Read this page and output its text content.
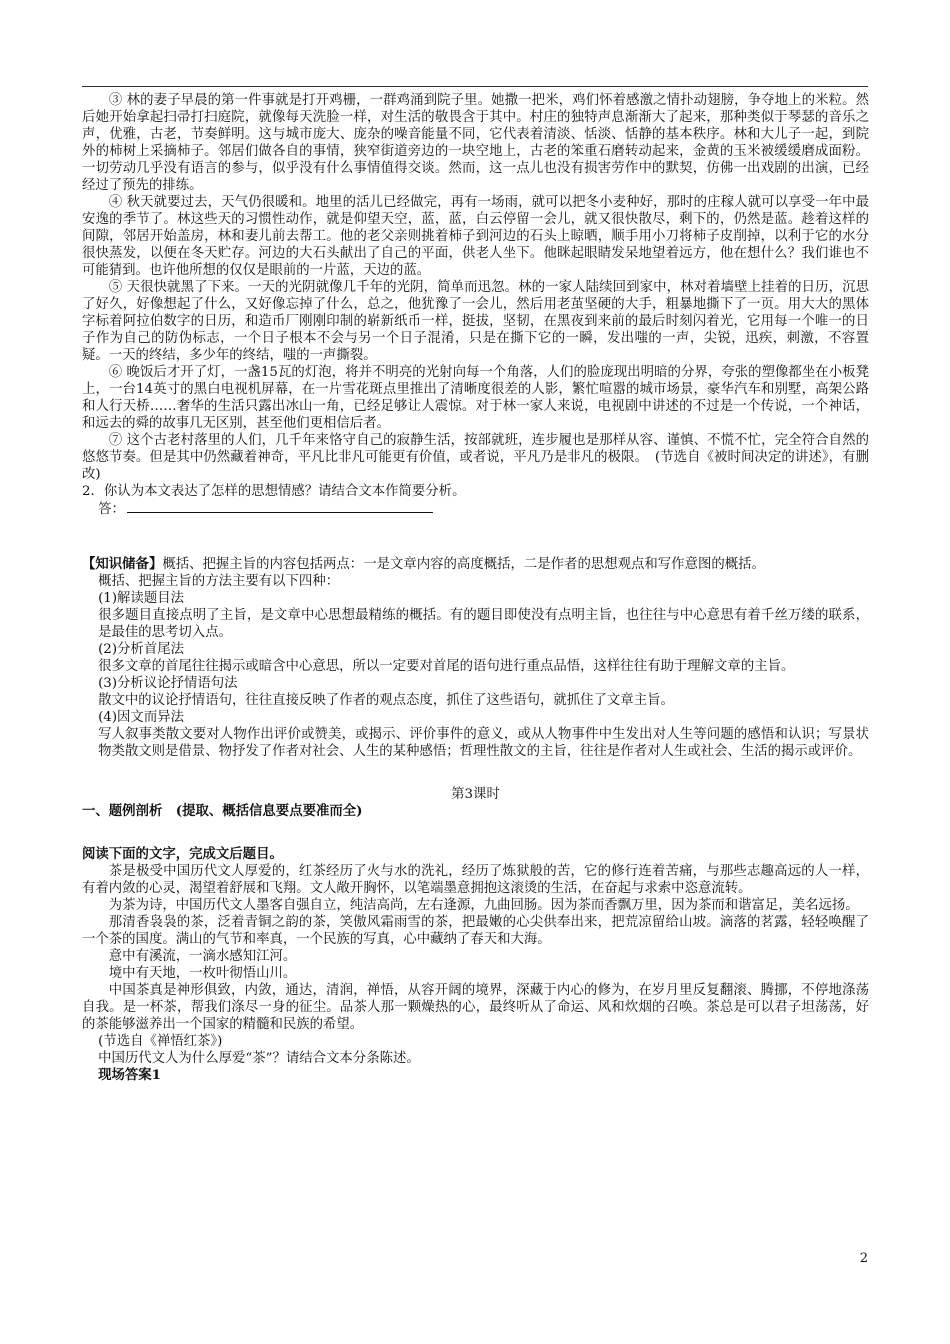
③ 林的妻子早晨的第一件事就是打开鸡栅，一群鸡涌到院子里。她撒一把米，鸡们怀着感激之情扑动翅膀，争夺地上的米粒。然后她开始拿起扫帚打扫庭院，就像每天洗脸一样，对生活的敬畏含于其中。村庄的独特声息渐渐大了起来，那种类似于琴瑟的音乐之声，优雅，古老，节奏鲜明。这与城市庞大、庞杂的噪音能量不同，它代表着清淡、恬淡、恬静的基本秩序。林和大儿子一起，到院外的柿树上采摘柿子。邻居们做各自的事情，狭窄街道旁边的一块空地上，古老的笨重石磨转动起来，金黄的玉米被缓缓磨成面粉。一切劳动几乎没有语言的参与，似乎没有什么事情值得交谈。然而，这一点儿也没有损害劳作中的默契，仿佛一出戏剧的出演，已经经过了预先的排练。

④ 秋天就要过去，天气仍很暖和。地里的活儿已经做完，再有一场雨，就可以把冬小麦种好，那时的庄稼人就可以享受一年中最安逸的季节了。林这些天的习惯性动作，就是仰望天空，蓝，蓝，白云停留一会儿，就又很快散尽，剩下的，仍然是蓝。趁着这样的间隙，邻居开始盖房，林和妻儿前去帮工。他的老父亲则挑着柿子到河边的石头上晾晒，顺手用小刀将柿子皮削掉，以利于它的水分很快蒸发，以便在冬天贮存。河边的大石头献出了自己的平面，供老人坐下。他眯起眼睛发呆地望着远方，他在想什么？我们谁也不可能猜到。也许他所想的仅仅是眼前的一片蓝，天边的蓝。

⑤ 天很快就黑了下来。一天的光阴就像几千年的光阴，简单而迅忽。林的一家人陆续回到家中，林对着墙壁上挂着的日历，沉思了好久，好像想起了什么，又好像忘掉了什么，总之，他犹豫了一会儿，然后用老茧坚硬的大手，粗暴地撕下了一页。用大大的黑体字标着阿拉伯数字的日历，和造币厂刚刚印制的崭新纸币一样，挺拔，坚韧，在黑夜到来前的最后时刻闪着光，它用每一个唯一的日子作为自己的防伪标志，一个日子根本不会与另一个日子混淆，只是在撕下它的一瞬，发出嗤的一声，尖锐，迅疾，刺激，不容置疑。一天的终结，多少年的终结，嗤的一声撕裂。

⑥ 晚饭后才开了灯，一盏15瓦的灯泡，将并不明亮的光射向每一个角落，人们的脸庞现出明暗的分界，夸张的塑像都坐在小板凳上，一台14英寸的黑白电视机屏幕，在一片雪花斑点里推出了清晰度很差的人影，繁忙喧嚣的城市场景，豪华汽车和别墅，高架公路和人行天桥……奢华的生活只露出冰山一角，已经足够让人震惊。对于林一家人来说，电视剧中讲述的不过是一个传说，一个神话，和远去的舜的故事几无区别，甚至他们更相信后者。

⑦ 这个古老村落里的人们，几千年来恪守自己的寂静生活，按部就班，连步履也是那样从容、谨慎、不慌不忙，完全符合自然的悠悠节奏。但是其中仍然藏着神奇，平凡比非凡可能更有价值，或者说，平凡乃是非凡的极限。　(节选自《被时间决定的讲述》，有删改)

2．你认为本文表达了怎样的思想情感？请结合文本作简要分析。

答：

【知识储备】概括、把握主旨的内容包括两点：一是文章内容的高度概括，二是作者的思想观点和写作意图的概括。

概括、把握主旨的方法主要有以下四种：

(1)解读题目法

很多题目直接点明了主旨，是文章中心思想最精练的概括。有的题目即使没有点明主旨，也往往与中心意思有着千丝万缕的联系，是最佳的思考切入点。

(2)分析首尾法

很多文章的首尾往往揭示或暗含中心意思，所以一定要对首尾的语句进行重点品悟，这样往往有助于理解文章的主旨。

(3)分析议论抒情语句法

散文中的议论抒情语句，往往直接反映了作者的观点态度，抓住了这些语句，就抓住了文章主旨。

(4)因文而异法

写人叙事类散文要对人物作出评价或赞美，或揭示、评价事件的意义，或从人物事件中生发出对人生等问题的感悟和认识；写景状物类散文则是借景、物抒发了作者对社会、人生的某种感悟；哲理性散文的主旨，往往是作者对人生或社会、生活的揭示或评价。

第3课时

一、题例剖析　(提取、概括信息要点要准而全)

阅读下面的文字，完成文后题目。

茶是极受中国历代文人厚爱的，红茶经历了火与水的洗礼，经历了炼狱般的苦，它的修行连着苦痛，与那些志趣高远的人一样，有着内敛的心灵，渴望着舒展和飞翔。文人敞开胸怀，以笔端墨意拥抱这滚烫的生活，在奋起与求索中恣意流转。

为茶为诗，中国历代文人墨客自强自立，纯洁高尚，左右逢源，九曲回肠。因为茶而香飘万里，因为茶而和谐富足，美名远扬。

那清香袅袅的茶，泛着青铜之韵的茶，笑傲风霜雨雪的茶，把最嫩的心尖供奉出来，把荒凉留给山坡。滴落的茗露，轻轻唤醒了一个茶的国度。满山的气节和率真，一个民族的写真，心中藏纳了春天和大海。

意中有溪流，一滴水感知江河。

境中有天地，一枚叶彻悟山川。

中国茶真是神形俱致，内敛，通达，清润，禅悟，从容开阔的境界，深藏于内心的修为，在岁月里反复翻滚、腾挪，不停地涤荡自我。是一杯茶，帮我们涤尽一身的征尘。品茶人那一颗燥热的心，最终听从了命运、风和炊烟的召唤。茶总是可以君子坦荡荡，好的茶能够滋养出一个国家的精髓和民族的希望。

(节选自《禅悟红茶》)

中国历代文人为什么厚爱“茶”？请结合文本分条陈述。

现场答案1

2
